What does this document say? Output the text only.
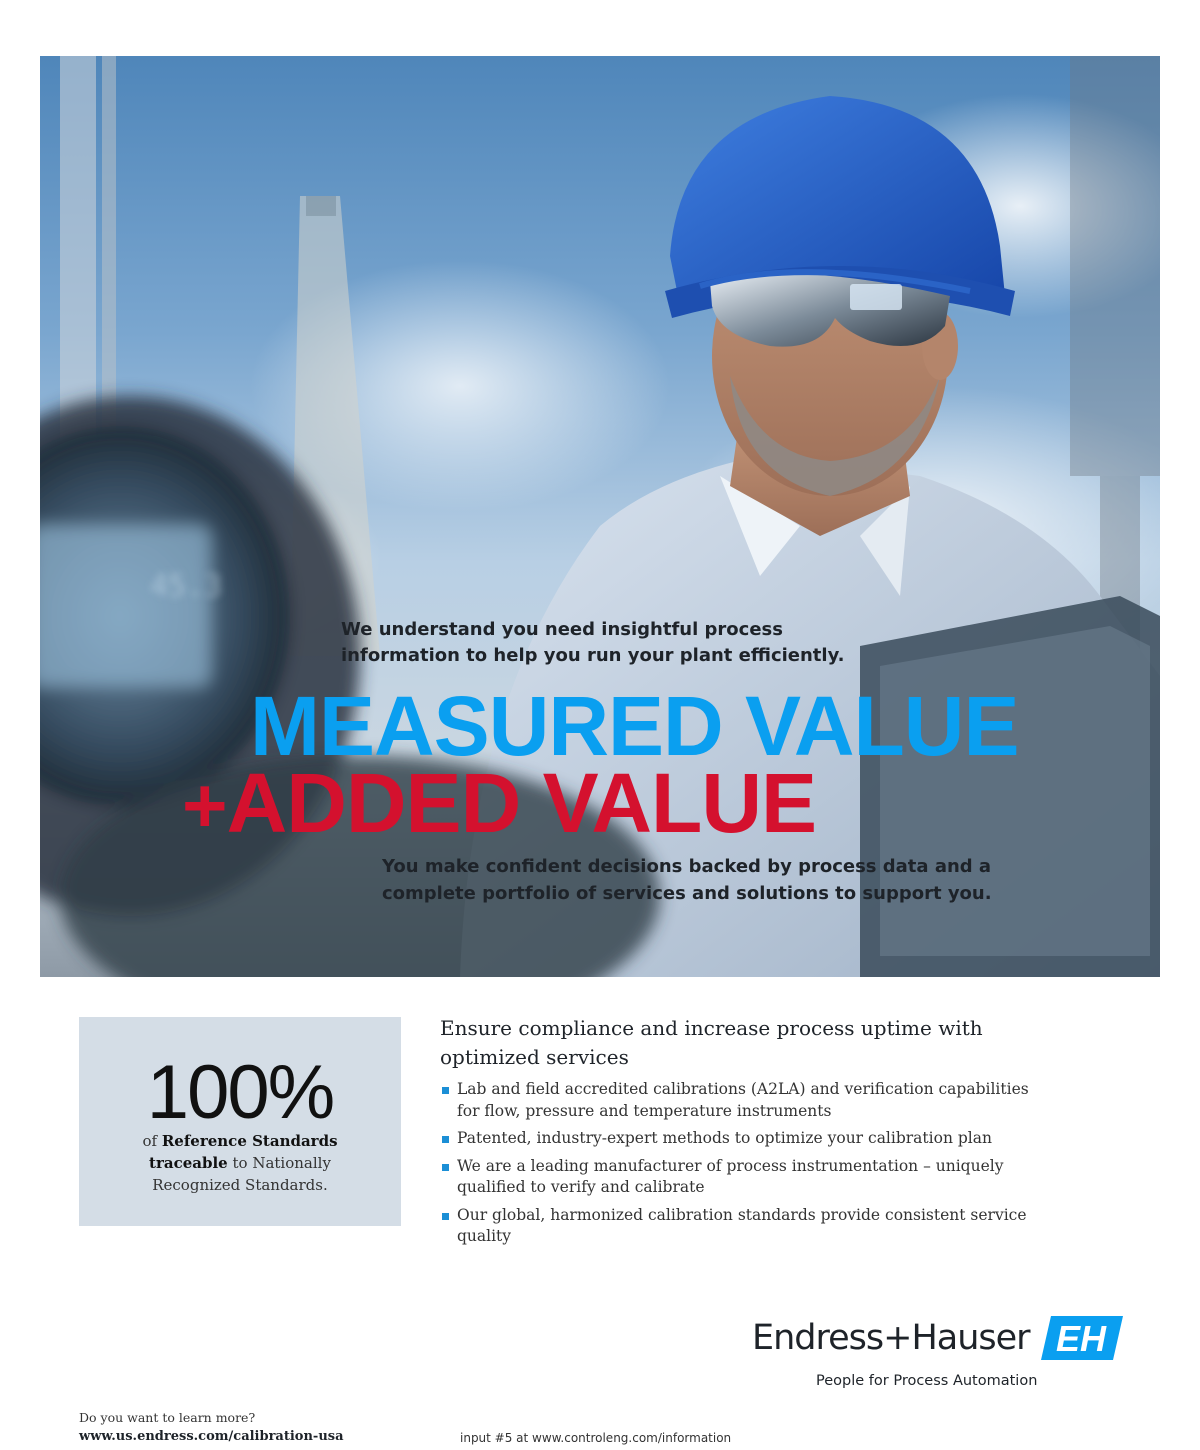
45.3
We understand you need insightful process information to help you run your plant efficiently.
MEASURED VALUE
+ADDED VALUE
You make confident decisions backed by process data and a complete portfolio of services and solutions to support you.
100%
of Reference Standards traceable to Nationally Recognized Standards.
Ensure compliance and increase process uptime with optimized services
Lab and field accredited calibrations (A2LA) and verification capabilities for flow, pressure and temperature instruments
Patented, industry-expert methods to optimize your calibration plan
We are a leading manufacturer of process instrumentation – uniquely qualified to verify and calibrate
Our global, harmonized calibration standards provide consistent service quality
Endress+Hauser EH
People for Process Automation
Do you want to learn more?
www.us.endress.com/calibration-usa	input #5 at www.controleng.com/information
